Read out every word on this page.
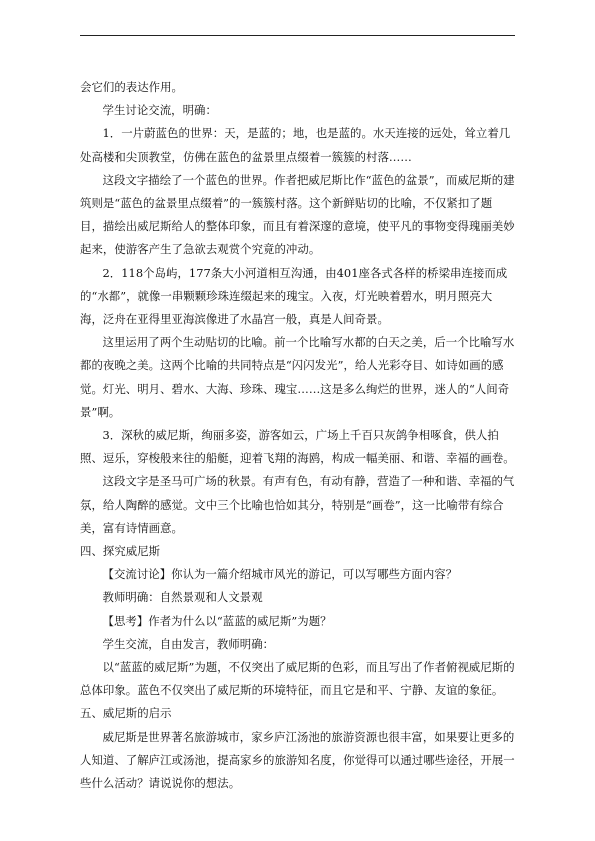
会它们的表达作用。

学生讨论交流，明确：

1．一片蔚蓝色的世界：天，是蓝的；地，也是蓝的。水天连接的远处，耸立着几处高楼和尖顶教堂，仿佛在蓝色的盆景里点缀着一簇簇的村落……

这段文字描绘了一个蓝色的世界。作者把威尼斯比作“蓝色的盆景”，而威尼斯的建筑则是“蓝色的盆景里点缀着”的一簇簇村落。这个新鲜贴切的比喻，不仅紧扣了题目，描绘出威尼斯给人的整体印象，而且有着深邃的意境，使平凡的事物变得瑰丽美妙起来，使游客产生了急欲去观赏个究竟的冲动。

2．118个岛屿，177条大小河道相互沟通，由401座各式各样的桥梁串连接而成的“水都”，就像一串颗颗珍珠连缀起来的瑰宝。入夜，灯光映着碧水，明月照亮大海，泛舟在亚得里亚海滨像进了水晶宫一般，真是人间奇景。

这里运用了两个生动贴切的比喻。前一个比喻写水都的白天之美，后一个比喻写水都的夜晚之美。这两个比喻的共同特点是“闪闪发光”，给人光彩夺目、如诗如画的感觉。灯光、明月、碧水、大海、珍珠、瑰宝……这是多么绚烂的世界，迷人的“人间奇景”啊。

3．深秋的威尼斯，绚丽多姿，游客如云，广场上千百只灰鸽争相啄食，供人拍照、逗乐，穿梭般来往的船艇，迎着飞翔的海鸥，构成一幅美丽、和谐、幸福的画卷。

这段文字是圣马可广场的秋景。有声有色，有动有静，营造了一种和谐、幸福的气氛，给人陶醉的感觉。文中三个比喻也恰如其分，特别是“画卷”，这一比喻带有综合美，富有诗情画意。

四、探究威尼斯

【交流讨论】你认为一篇介绍城市风光的游记，可以写哪些方面内容？

教师明确：自然景观和人文景观

【思考】作者为什么以“蓝蓝的威尼斯”为题？

学生交流，自由发言，教师明确：

以“蓝蓝的威尼斯”为题，不仅突出了威尼斯的色彩，而且写出了作者俯视威尼斯的总体印象。蓝色不仅突出了威尼斯的环境特征，而且它是和平、宁静、友谊的象征。

五、威尼斯的启示

威尼斯是世界著名旅游城市，家乡庐江汤池的旅游资源也很丰富，如果要让更多的人知道、了解庐江或汤池，提高家乡的旅游知名度，你觉得可以通过哪些途径，开展一些什么活动？请说说你的想法。
